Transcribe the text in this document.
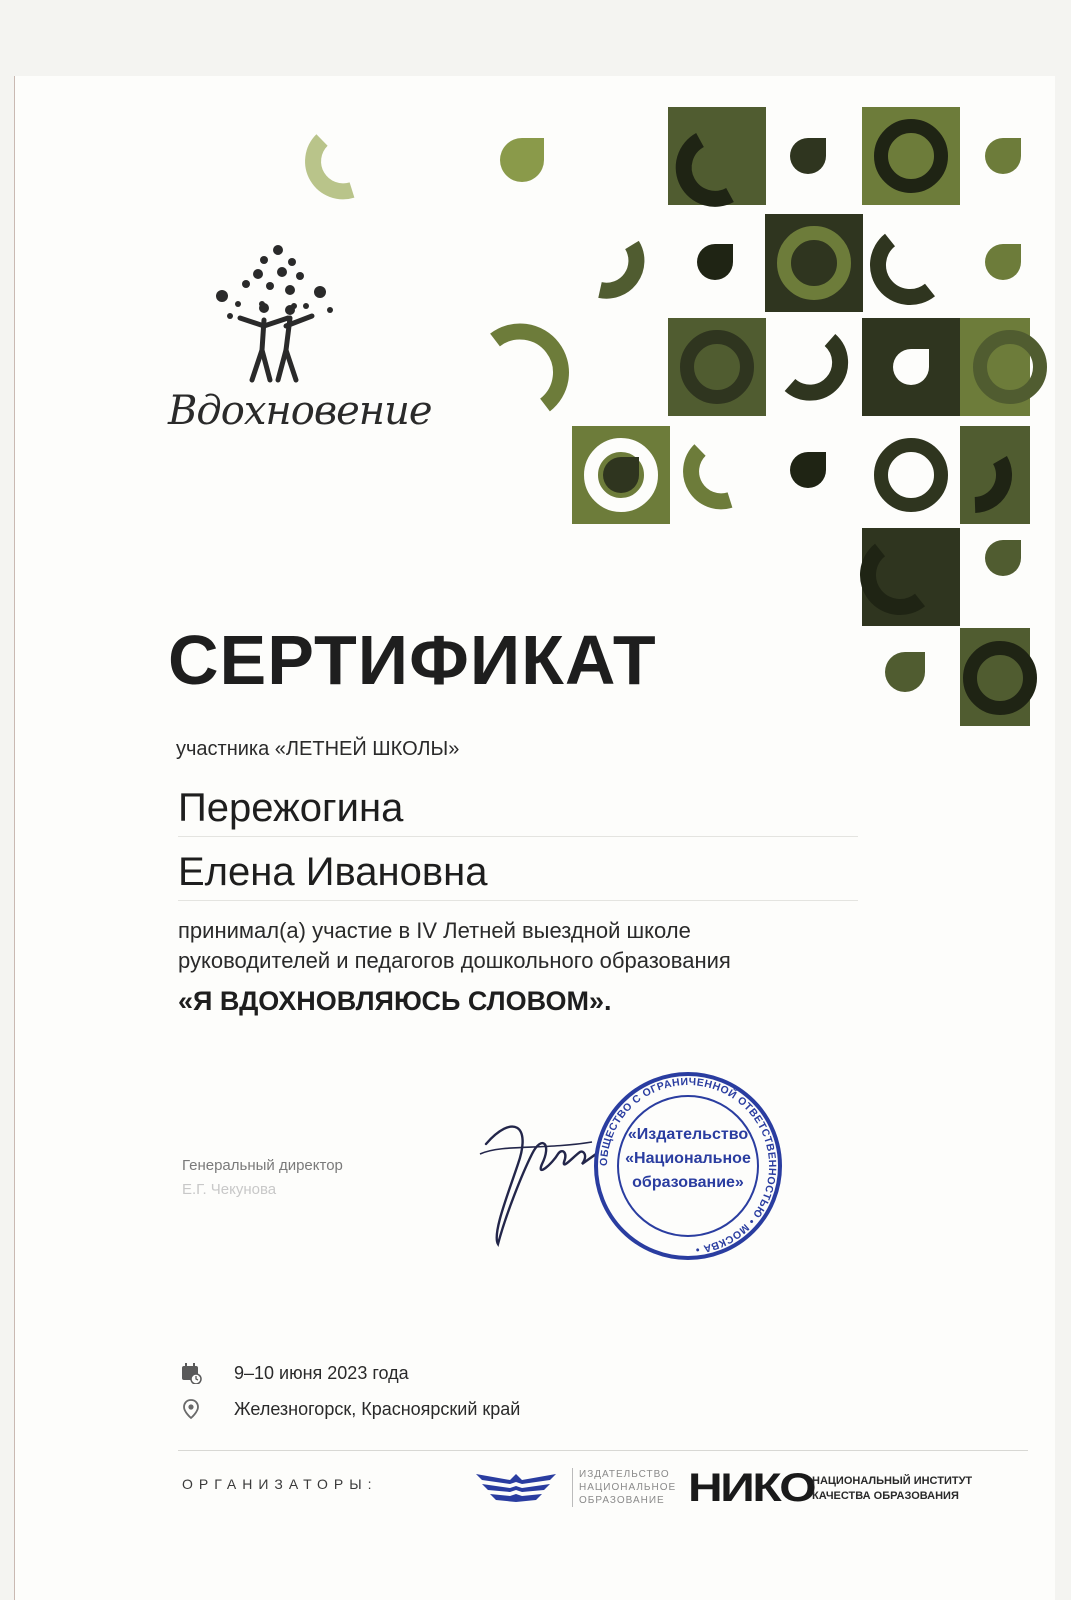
Вдохновение
СЕРТИФИКАТ
участника «ЛЕТНЕЙ ШКОЛЫ»
Пережогина
Елена Ивановна
принимал(а) участие в IV Летней выездной школе
руководителей и педагогов дошкольного образования
«Я ВДОХНОВЛЯЮСЬ СЛОВОМ».
Генеральный директор
Е.Г. Чекунова
ОБЩЕСТВО С ОГРАНИЧЕННОЙ ОТВЕТСТВЕННОСТЬЮ • МОСКВА •
«Издательство
«Национальное
образование»
9–10 июня 2023 года
Железногорск, Красноярский край
ОРГАНИЗАТОРЫ:
ИЗДАТЕЛЬСТВО
НАЦИОНАЛЬНОЕ
ОБРАЗОВАНИЕ НИКО
НАЦИОНАЛЬНЫЙ ИНСТИТУТ
КАЧЕСТВА ОБРАЗОВАНИЯ
